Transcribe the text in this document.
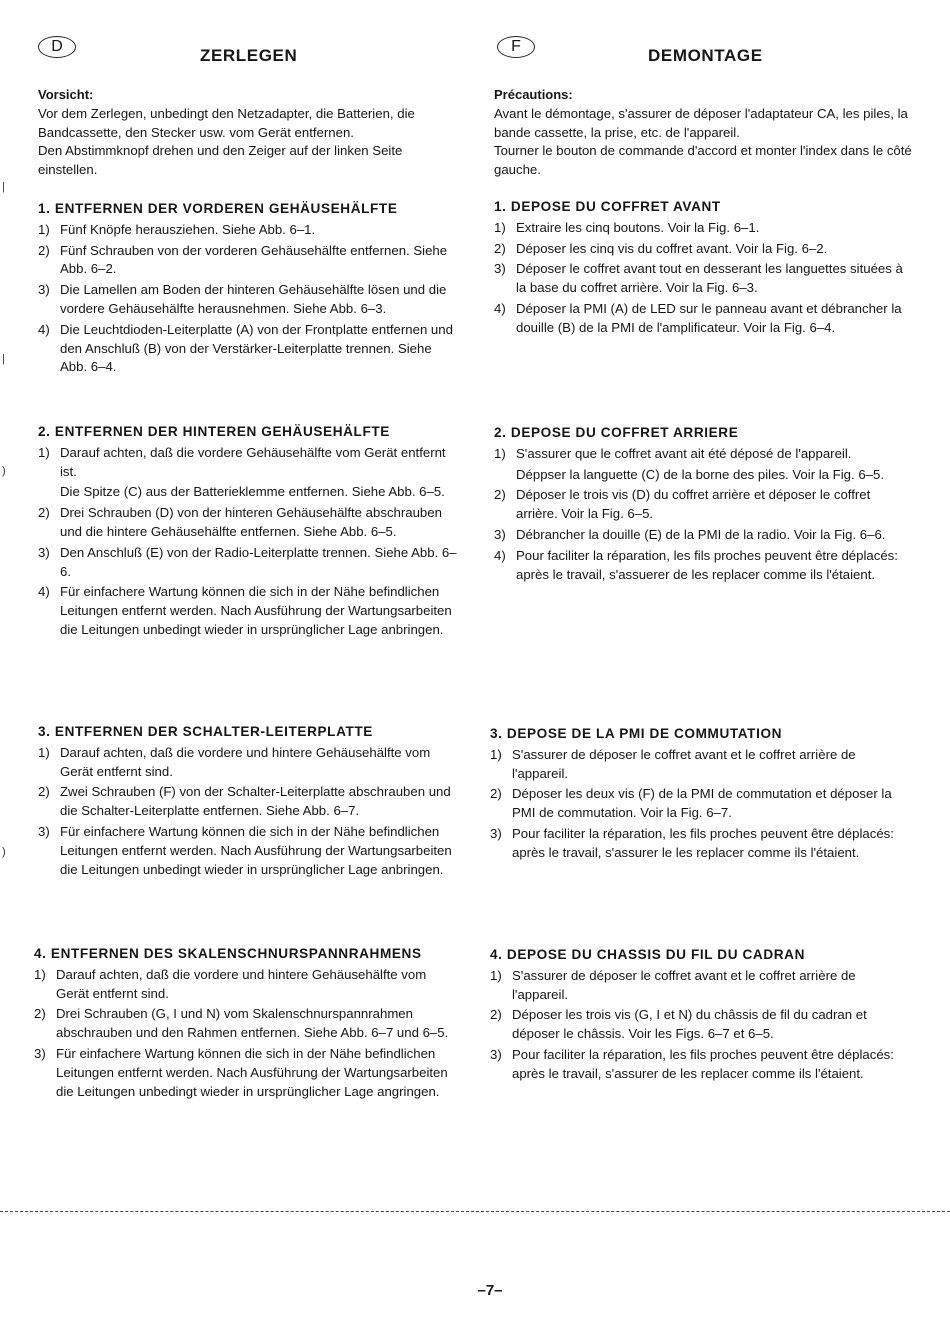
D	ZERLEGEN	F	DEMONTAGE
Vorsicht:

Vor dem Zerlegen, unbedingt den Netzadapter, die Batterien, die Bandcassette, den Stecker usw. vom Gerät entfernen.

Den Abstimmknopf drehen und den Zeiger auf der linken Seite einstellen.

Précautions:

Avant le démontage, s'assurer de déposer l'adaptateur CA, les piles, la bande cassette, la prise, etc. de l'appareil.

Tourner le bouton de commande d'accord et monter l'index dans le côté gauche.

1. ENTFERNEN DER VORDEREN GEHÄUSEHÄLFTE
1) Fünf Knöpfe herausziehen. Siehe Abb. 6–1.
2) Fünf Schrauben von der vorderen Gehäusehälfte entfernen. Siehe Abb. 6–2.
3) Die Lamellen am Boden der hinteren Gehäusehälfte lösen und die vordere Gehäusehälfte herausnehmen. Siehe Abb. 6–3.
4) Die Leuchtdioden-Leiterplatte (A) von der Frontplatte entfernen und den Anschluß (B) von der Verstärker-Leiterplatte trennen. Siehe Abb. 6–4.
1. DEPOSE DU COFFRET AVANT
1) Extraire les cinq boutons. Voir la Fig. 6–1.
2) Déposer les cinq vis du coffret avant. Voir la Fig. 6–2.
3) Déposer le coffret avant tout en desserant les languettes situées à la base du coffret arrière. Voir la Fig. 6–3.
4) Déposer la PMI (A) de LED sur le panneau avant et débrancher la douille (B) de la PMI de l'amplificateur. Voir la Fig. 6–4.
2. ENTFERNEN DER HINTEREN GEHÄUSEHÄLFTE
1) Darauf achten, daß die vordere Gehäusehälfte vom Gerät entfernt ist.
Die Spitze (C) aus der Batterieklemme entfernen. Siehe Abb. 6–5.
2) Drei Schrauben (D) von der hinteren Gehäusehälfte abschrauben und die hintere Gehäusehälfte entfernen. Siehe Abb. 6–5.
3) Den Anschluß (E) von der Radio-Leiterplatte trennen. Siehe Abb. 6–6.
4) Für einfachere Wartung können die sich in der Nähe befindlichen Leitungen entfernt werden. Nach Ausführung der Wartungsarbeiten die Leitungen unbedingt wieder in ursprünglicher Lage anbringen.
2. DEPOSE DU COFFRET ARRIERE
1) S'assurer que le coffret avant ait été déposé de l'appareil.
Déppser la languette (C) de la borne des piles. Voir la Fig. 6–5.
2) Déposer le trois vis (D) du coffret arrière et déposer le coffret arrière. Voir la Fig. 6–5.
3) Débrancher la douille (E) de la PMI de la radio. Voir la Fig. 6–6.
4) Pour faciliter la réparation, les fils proches peuvent être déplacés: après le travail, s'assuerer de les replacer comme ils l'étaient.
3. ENTFERNEN DER SCHALTER-LEITERPLATTE
1) Darauf achten, daß die vordere und hintere Gehäusehälfte vom Gerät entfernt sind.
2) Zwei Schrauben (F) von der Schalter-Leiterplatte abschrauben und die Schalter-Leiterplatte entfernen. Siehe Abb. 6–7.
3) Für einfachere Wartung können die sich in der Nähe befindlichen Leitungen entfernt werden. Nach Ausführung der Wartungsarbeiten die Leitungen unbedingt wieder in ursprünglicher Lage anbringen.
3. DEPOSE DE LA PMI DE COMMUTATION
1) S'assurer de déposer le coffret avant et le coffret arrière de l'appareil.
2) Déposer les deux vis (F) de la PMI de commutation et déposer la PMI de commutation. Voir la Fig. 6–7.
3) Pour faciliter la réparation, les fils proches peuvent être déplacés: après le travail, s'assurer le les replacer comme ils l'étaient.
4. ENTFERNEN DES SKALENSCHNURSPANNRAHMENS
1) Darauf achten, daß die vordere und hintere Gehäusehälfte vom Gerät entfernt sind.
2) Drei Schrauben (G, I und N) vom Skalenschnurspannrahmen abschrauben und den Rahmen entfernen. Siehe Abb. 6–7 und 6–5.
3) Für einfachere Wartung können die sich in der Nähe befindlichen Leitungen entfernt werden. Nach Ausführung der Wartungsarbeiten die Leitungen unbedingt wieder in ursprünglicher Lage angringen.
4. DEPOSE DU CHASSIS DU FIL DU CADRAN
1) S'assurer de déposer le coffret avant et le coffret arrière de l'appareil.
2) Déposer les trois vis (G, I et N) du châssis de fil du cadran et déposer le châssis. Voir les Figs. 6–7 et 6–5.
3) Pour faciliter la réparation, les fils proches peuvent être déplacés: après le travail, s'assurer de les replacer comme ils l'étaient.
|
|
)
)
–7–
